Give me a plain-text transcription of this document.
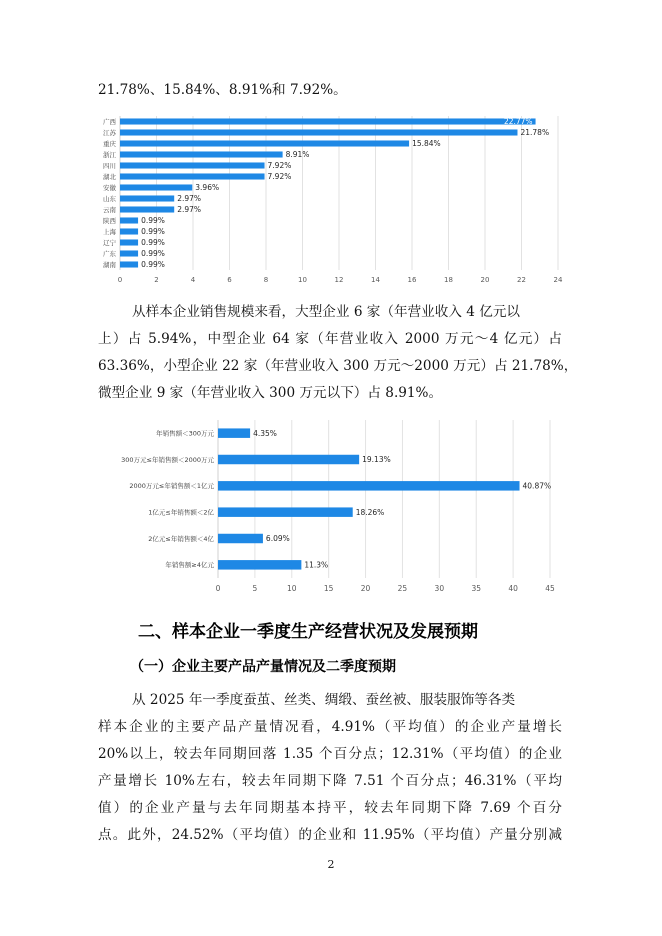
21.78%、15.84%、8.91%和 7.92%。
0	2	4	6	8	10	12	14	16	18	20	22	24
广西	22.77%
江苏	21.78%
重庆	15.84%
浙江	8.91%
四川	7.92%
湖北	7.92%
安徽	3.96%
山东	2.97%
云南	2.97%
陕西	0.99%
上海	0.99%
辽宁	0.99%
广东	0.99%
湖南	0.99%
从样本企业销售规模来看，大型企业 6 家（年营业收入 4 亿元以
上）占 5.94%，中型企业 64 家（年营业收入 2000 万元～4 亿元）占
63.36%，小型企业 22 家（年营业收入 300 万元～2000 万元）占 21.78%，
微型企业 9 家（年营业收入 300 万元以下）占 8.91%。
0	5	10	15	20	25	30	35	40	45
年销售额＜300万元	4.35%
300万元≤年销售额＜2000万元	19.13%
2000万元≤年销售额＜1亿元	40.87%
1亿元≤年销售额＜2亿	18.26%
2亿元≤年销售额＜4亿	6.09%
年销售额≥4亿元	11.3%
二、样本企业一季度生产经营状况及发展预期
（一）企业主要产品产量情况及二季度预期
从 2025 年一季度蚕茧、丝类、绸缎、蚕丝被、服装服饰等各类
样本企业的主要产品产量情况看，4.91%（平均值）的企业产量增长
20%以上，较去年同期回落 1.35 个百分点；12.31%（平均值）的企业
产量增长 10%左右，较去年同期下降 7.51 个百分点；46.31%（平均
值）的企业产量与去年同期基本持平，较去年同期下降 7.69 个百分
点。此外，24.52%（平均值）的企业和 11.95%（平均值）产量分别减
2
